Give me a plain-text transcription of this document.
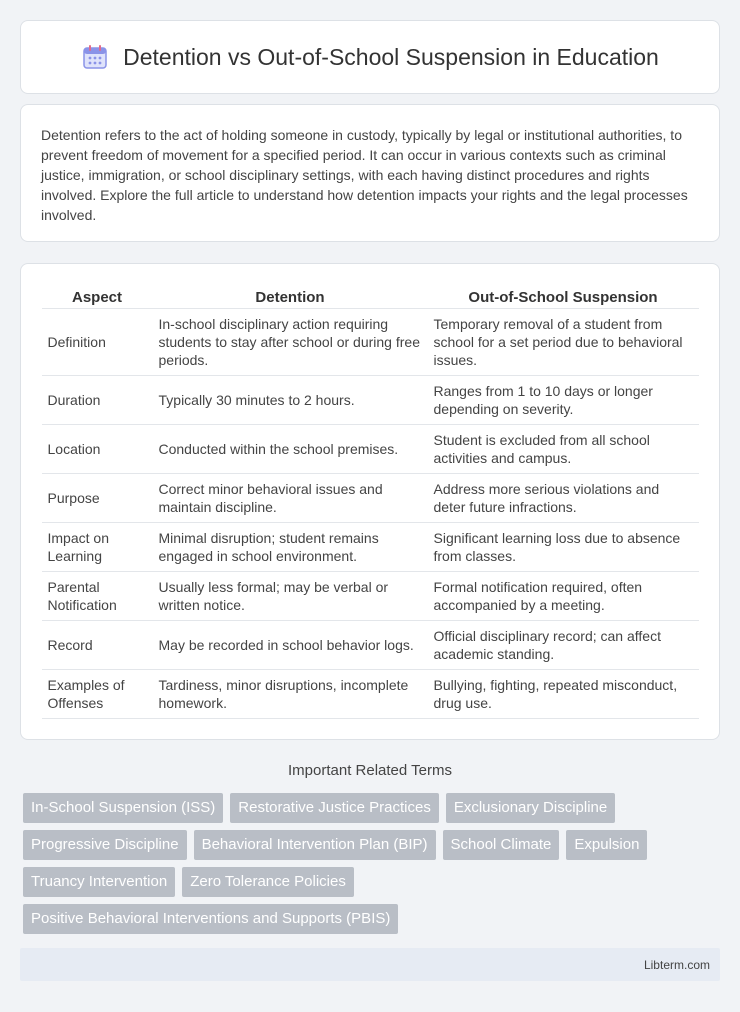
Detention vs Out-of-School Suspension in Education

Detention refers to the act of holding someone in custody, typically by legal or institutional authorities, to prevent freedom of movement for a specified period. It can occur in various contexts such as criminal justice, immigration, or school disciplinary settings, with each having distinct procedures and rights involved. Explore the full article to understand how detention impacts your rights and the legal processes involved.

Aspect	Detention	Out-of-School Suspension
Definition	In-school disciplinary action requiring students to stay after school or during free periods.	Temporary removal of a student from school for a set period due to behavioral issues.
Duration	Typically 30 minutes to 2 hours.	Ranges from 1 to 10 days or longer depending on severity.
Location	Conducted within the school premises.	Student is excluded from all school activities and campus.
Purpose	Correct minor behavioral issues and maintain discipline.	Address more serious violations and deter future infractions.
Impact on Learning	Minimal disruption; student remains engaged in school environment.	Significant learning loss due to absence from classes.
Parental Notification	Usually less formal; may be verbal or written notice.	Formal notification required, often accompanied by a meeting.
Record	May be recorded in school behavior logs.	Official disciplinary record; can affect academic standing.
Examples of Offenses	Tardiness, minor disruptions, incomplete homework.	Bullying, fighting, repeated misconduct, drug use.
Important Related Terms
In-School Suspension (ISS)	Restorative Justice Practices	Exclusionary Discipline
Progressive Discipline	Behavioral Intervention Plan (BIP)	School Climate	Expulsion
Truancy Intervention	Zero Tolerance Policies
Positive Behavioral Interventions and Supports (PBIS)
Libterm.com
